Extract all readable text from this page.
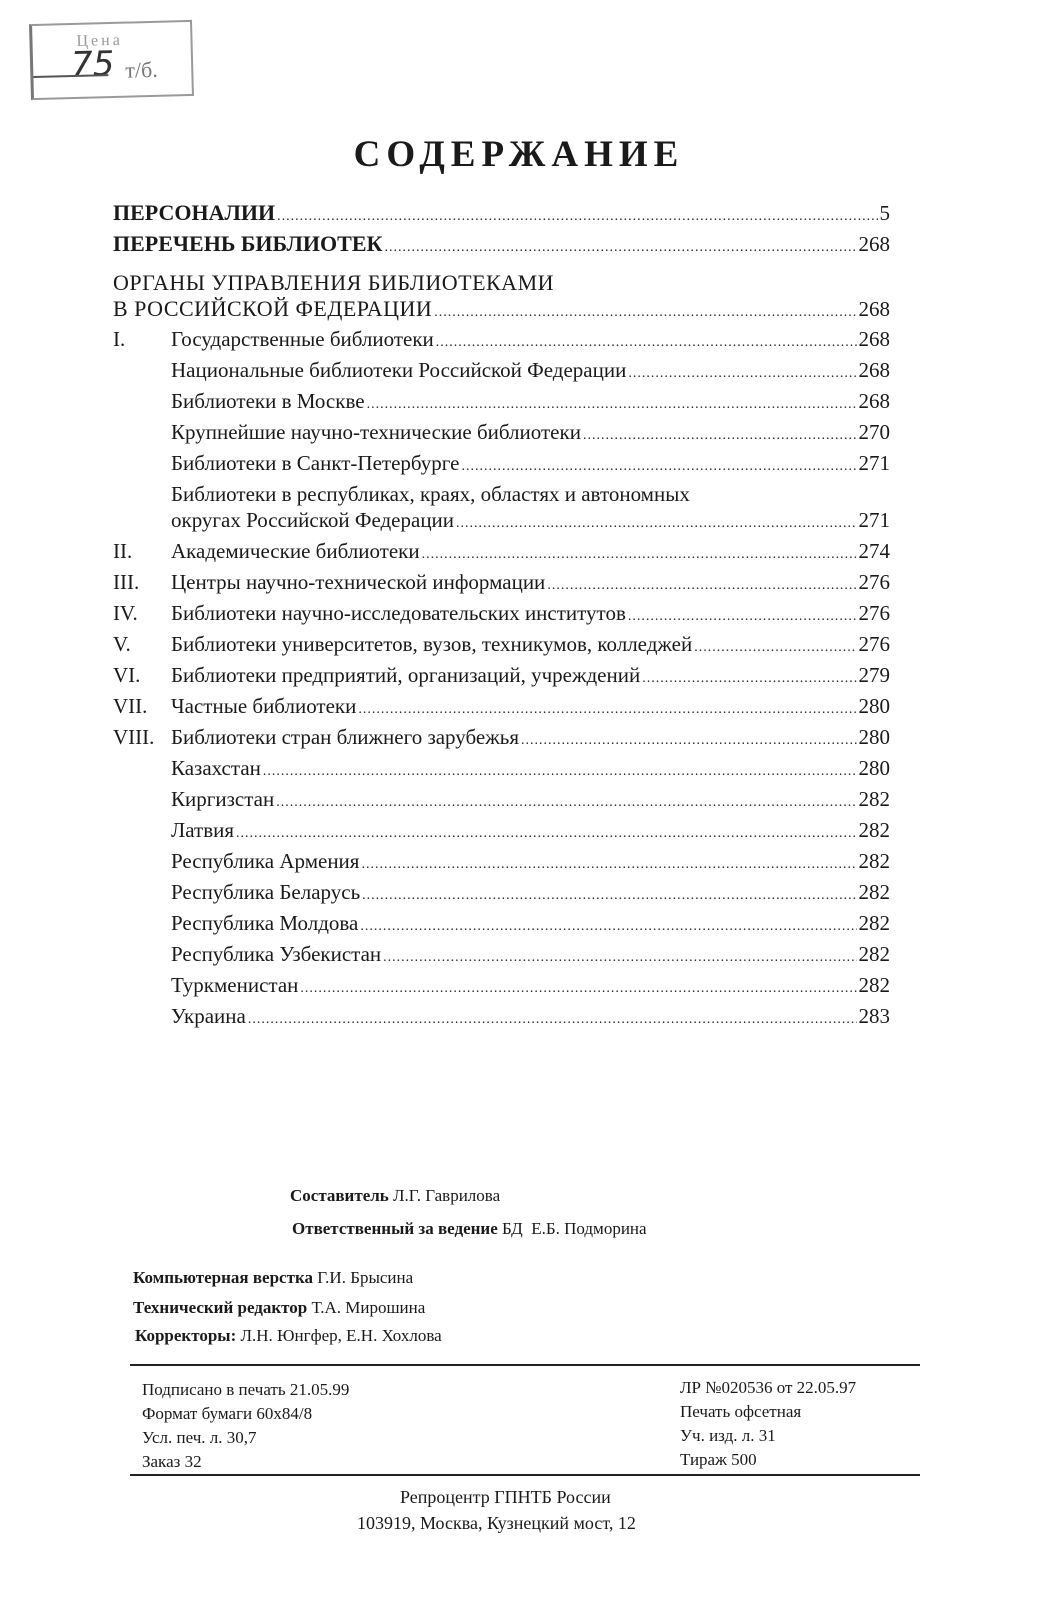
Цена
75 т/б.
СОДЕРЖАНИЕ
ПЕРСОНАЛИИ .....	5
ПЕРЕЧЕНЬ БИБЛИОТЕК .....	268
ОРГАНЫ УПРАВЛЕНИЯ БИБЛИОТЕКАМИ
В РОССИЙСКОЙ ФЕДЕРАЦИИ .....	268
I.	Государственные библиотеки .....	268
Национальные библиотеки Российской Федерации .....	268
Библиотеки в Москве .....	268
Крупнейшие научно-технические библиотеки .....	270
Библиотеки в Санкт-Петербурге .....	271
Библиотеки в республиках, краях, областях и автономных
округах Российской Федерации .....	271
II.	Академические библиотеки .....	274
III.	Центры научно-технической информации .....	276
IV.	Библиотеки научно-исследовательских институтов .....	276
V.	Библиотеки университетов, вузов, техникумов, колледжей .....	276
VI.	Библиотеки предприятий, организаций, учреждений .....	279
VII.	Частные библиотеки .....	280
VIII. Библиотеки стран ближнего зарубежья .....	280
Казахстан .....	280
Киргизстан .....	282
Латвия .....	282
Республика Армения .....	282
Республика Беларусь .....	282
Республика Молдова .....	282
Республика Узбекистан .....	282
Туркменистан .....	282
Украина .....	283
Составитель Л.Г. Гаврилова
Ответственный за ведение БД  Е.Б. Подморина
Компьютерная верстка Г.И. Брысина
Технический редактор Т.А. Мирошина
Корректоры: Л.Н. Юнгфер, Е.Н. Хохлова
Подписано в печать 21.05.99
Формат бумаги 60x84/8
Усл. печ. л. 30,7
Заказ 32
ЛР №020536 от 22.05.97
Печать офсетная
Уч. изд. л. 31
Тираж 500
Репроцентр ГПНТБ России
103919, Москва, Кузнецкий мост, 12
